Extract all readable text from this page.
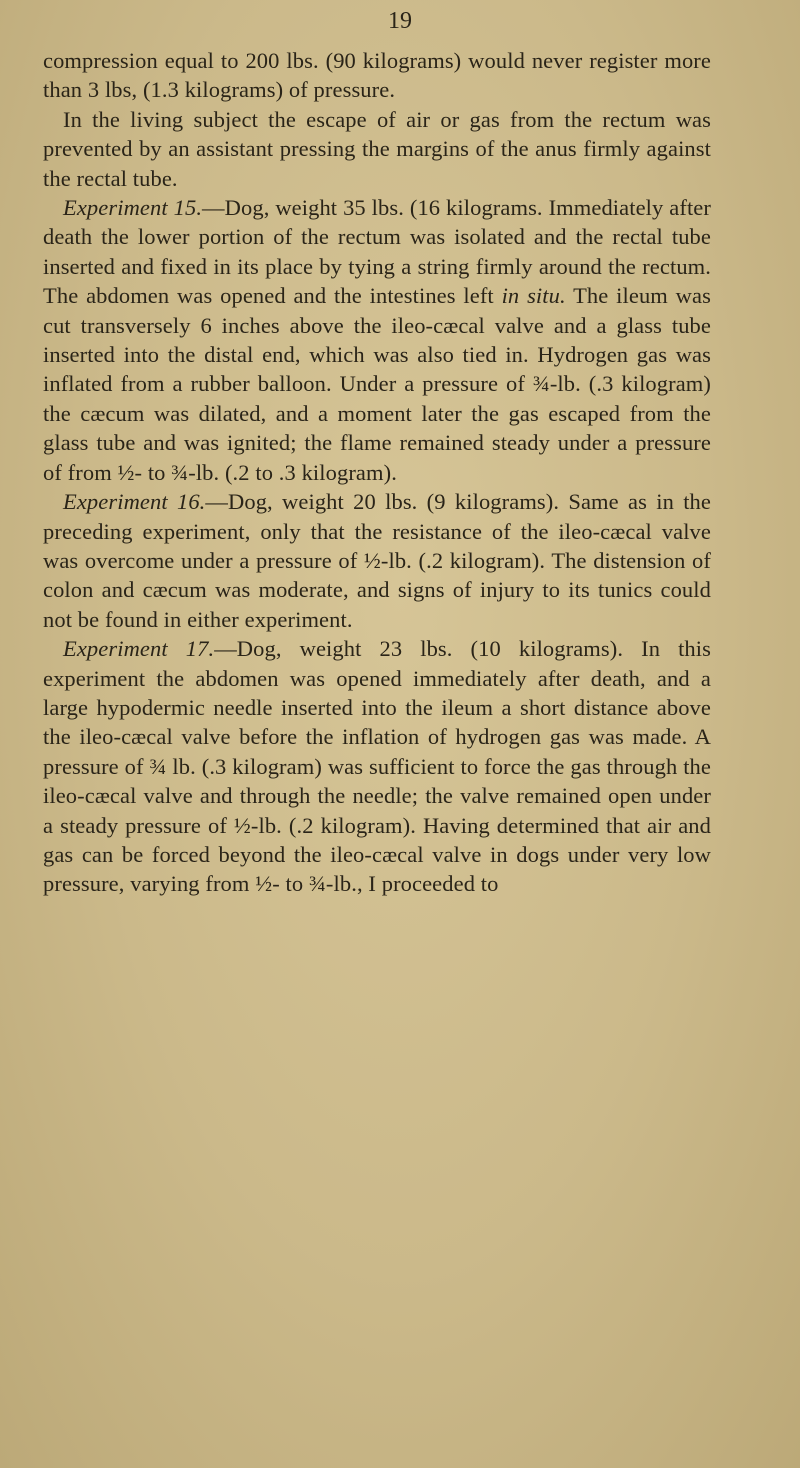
19

compression equal to 200 lbs. (90 kilograms) would never register more than 3 lbs, (1.3 kilograms) of pressure.

In the living subject the escape of air or gas from the rectum was prevented by an assistant pressing the margins of the anus firmly against the rectal tube.

Experiment 15.—Dog, weight 35 lbs. (16 kilograms. Immediately after death the lower portion of the rectum was isolated and the rectal tube inserted and fixed in its place by tying a string firmly around the rectum. The abdomen was opened and the intestines left in situ. The ileum was cut transversely 6 inches above the ileo-cæcal valve and a glass tube inserted into the distal end, which was also tied in. Hydrogen gas was inflated from a rubber balloon. Under a pressure of ¾-lb. (.3 kilogram) the cæcum was dilated, and a moment later the gas escaped from the glass tube and was ignited; the flame remained steady under a pressure of from ½- to ¾-lb. (.2 to .3 kilogram).

Experiment 16.—Dog, weight 20 lbs. (9 kilograms). Same as in the preceding experiment, only that the resistance of the ileo-cæcal valve was overcome under a pressure of ½-lb. (.2 kilogram). The distension of colon and cæcum was moderate, and signs of injury to its tunics could not be found in either experiment.

Experiment 17.—Dog, weight 23 lbs. (10 kilograms). In this experiment the abdomen was opened immediately after death, and a large hypodermic needle inserted into the ileum a short distance above the ileo-cæcal valve before the inflation of hydrogen gas was made. A pressure of ¾ lb. (.3 kilogram) was sufficient to force the gas through the ileo-cæcal valve and through the needle; the valve remained open under a steady pressure of ½-lb. (.2 kilogram). Having determined that air and gas can be forced beyond the ileo-cæcal valve in dogs under very low pressure, varying from ½- to ¾-lb., I proceeded to
